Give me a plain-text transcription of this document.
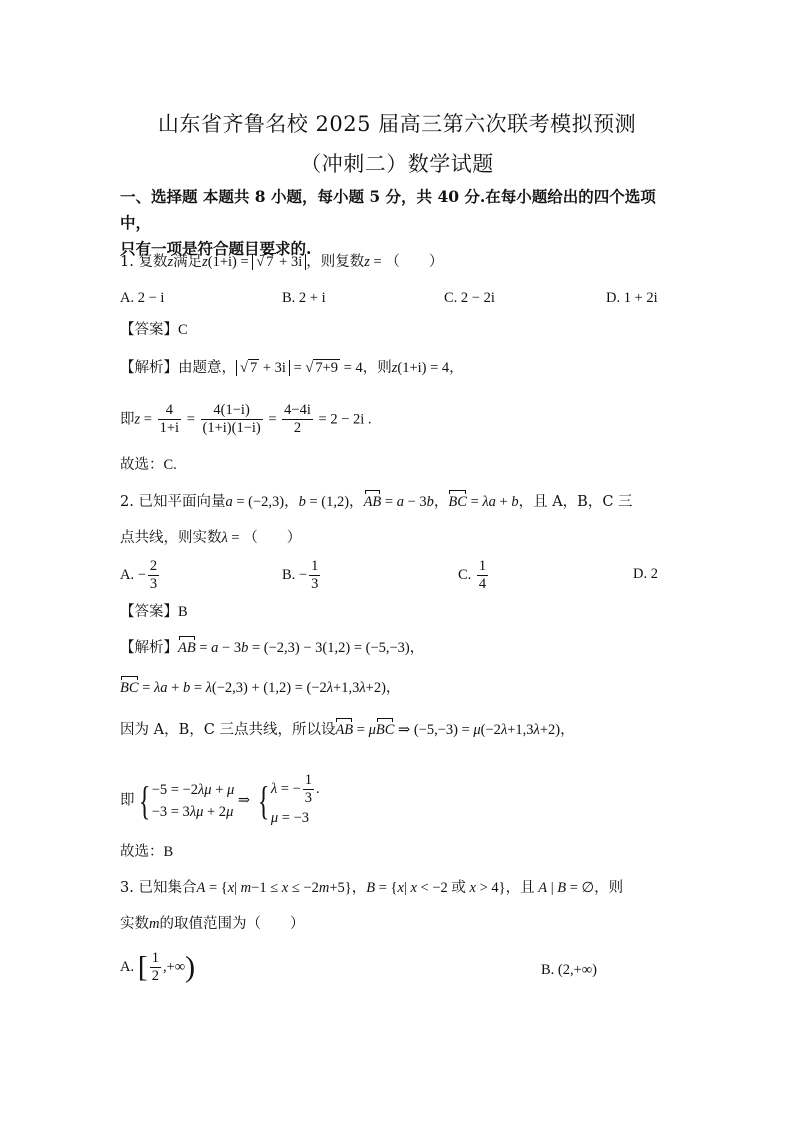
山东省齐鲁名校 2025 届高三第六次联考模拟预测
（冲刺二）数学试题
一、选择题 本题共 8 小题，每小题 5 分，共 40 分.在每小题给出的四个选项中，
只有一项是符合题目要求的.
1. 复数z满足z(1+i) = √ 7 + 3i ，则复数z = （　　）
A. 2 − i	B. 2 + i	C. 2 − 2i	D. 1 + 2i
【答案】C
【解析】由题意， √ 7 + 3i = √ 7+9 = 4，则z(1+i) = 4，
即$z = \frac{4}{1+i} = \frac{4(1-i)}{(1+i)(1-i)} = \frac{4-4i}{2} = 2 - 2i$ .
故选：C.
2. 已知平面向量a = (−2,3)，b = (1,2)，AB = a − 3b，BC = λa + b，且 A，B，C 三
点共线，则实数λ = （　　）
A. − $\frac{2}{3}$	B. − $\frac{1}{3}$	C. $\frac{1}{4}$	D. 2
【答案】B
【解析】AB = a − 3b = (−2,3) − 3(1,2) = (−5,−3)，
BC = λa + b = λ(−2,3) + (1,2) = (−2λ+1,3λ+2)，
因为 A，B，C 三点共线，所以设AB = μBC ⇒ (−5,−3) = μ(−2λ+1,3λ+2)，
即{ −5 = −2λμ + μ
−3 = 3λμ + 2μ
⇒ { λ = − $\frac{1}{3}$ .
μ = −3
故选：B
3. 已知集合A = {x| m−1 ≤ x ≤ −2m+5}，B = {x| x < −2 或 x > 4}，且 A | B = ∅，则
实数m的取值范围为（　　）
A. [ $\frac{1}{2}$ ,+∞)	B. (2,+∞)
